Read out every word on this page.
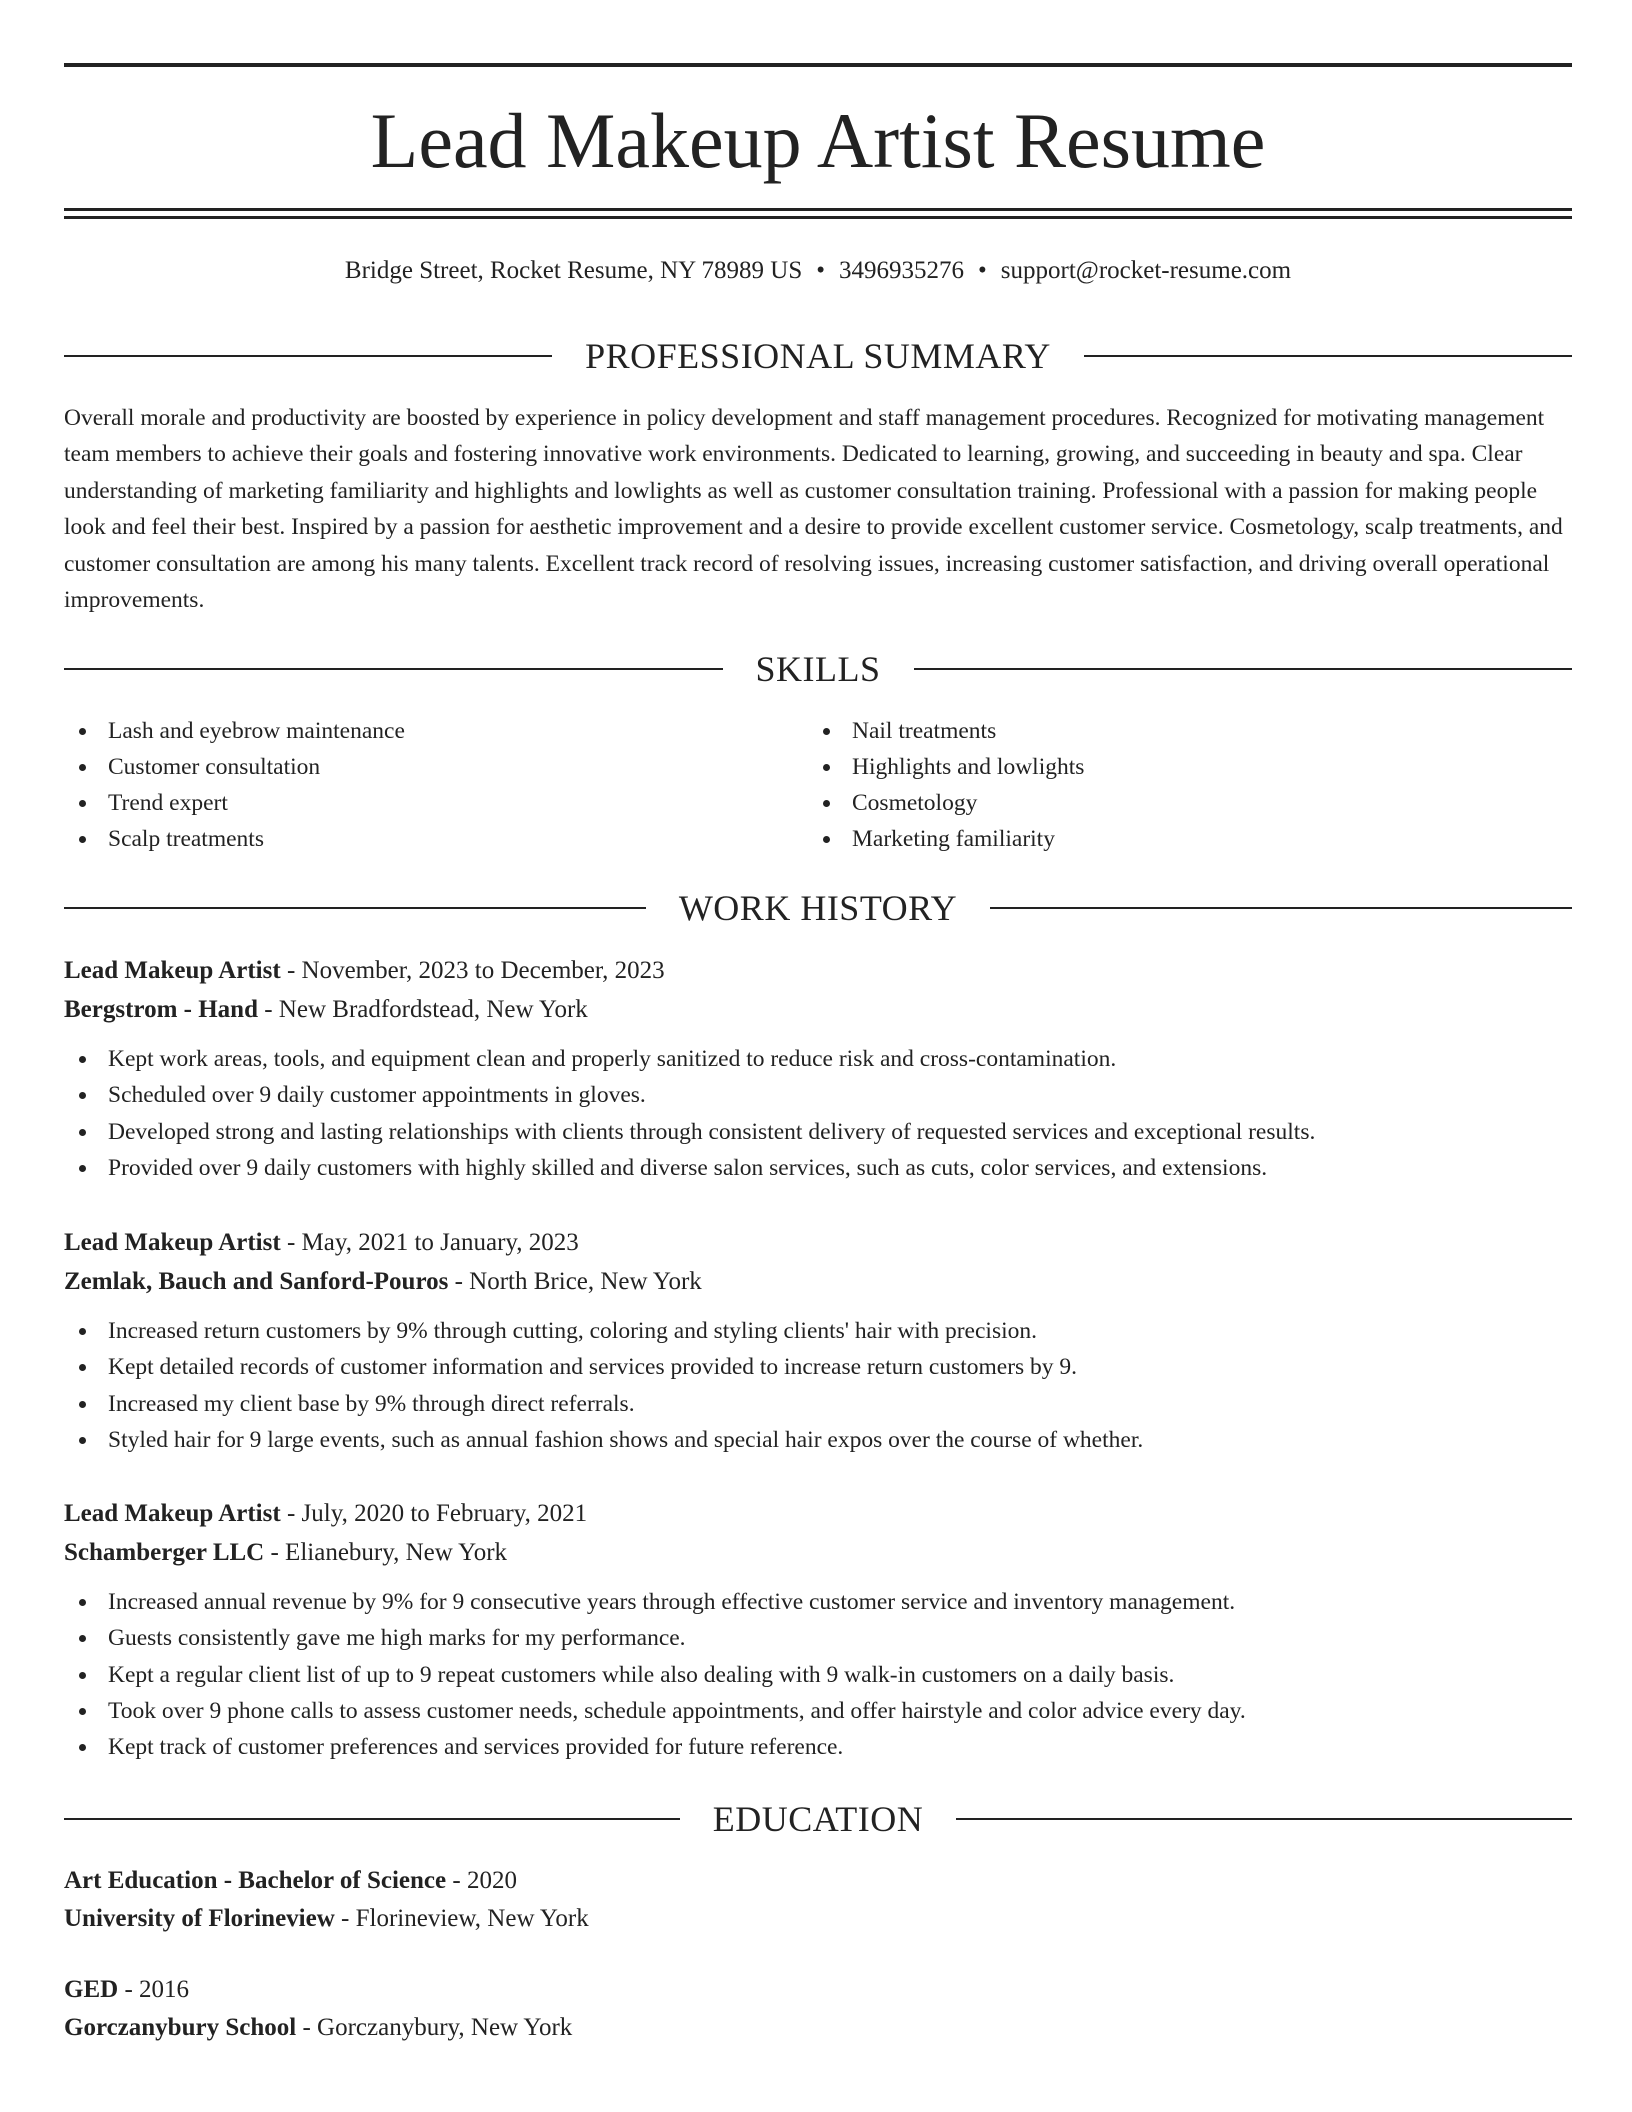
Lead Makeup Artist Resume
Bridge Street, Rocket Resume, NY 78989 US • 3496935276 • support@rocket-resume.com
PROFESSIONAL SUMMARY

Overall morale and productivity are boosted by experience in policy development and staff management procedures. Recognized for motivating management team members to achieve their goals and fostering innovative work environments. Dedicated to learning, growing, and succeeding in beauty and spa. Clear understanding of marketing familiarity and highlights and lowlights as well as customer consultation training. Professional with a passion for making people look and feel their best. Inspired by a passion for aesthetic improvement and a desire to provide excellent customer service. Cosmetology, scalp treatments, and customer consultation are among his many talents. Excellent track record of resolving issues, increasing customer satisfaction, and driving overall operational improvements.

SKILLS
Lash and eyebrow maintenance
Customer consultation
Trend expert
Scalp treatments
Nail treatments
Highlights and lowlights
Cosmetology
Marketing familiarity
WORK HISTORY
Lead Makeup Artist - November, 2023 to December, 2023
Bergstrom - Hand - New Bradfordstead, New York
Kept work areas, tools, and equipment clean and properly sanitized to reduce risk and cross-contamination.
Scheduled over 9 daily customer appointments in gloves.
Developed strong and lasting relationships with clients through consistent delivery of requested services and exceptional results.
Provided over 9 daily customers with highly skilled and diverse salon services, such as cuts, color services, and extensions.
Lead Makeup Artist - May, 2021 to January, 2023
Zemlak, Bauch and Sanford-Pouros - North Brice, New York
Increased return customers by 9% through cutting, coloring and styling clients' hair with precision.
Kept detailed records of customer information and services provided to increase return customers by 9.
Increased my client base by 9% through direct referrals.
Styled hair for 9 large events, such as annual fashion shows and special hair expos over the course of whether.
Lead Makeup Artist - July, 2020 to February, 2021
Schamberger LLC - Elianebury, New York
Increased annual revenue by 9% for 9 consecutive years through effective customer service and inventory management.
Guests consistently gave me high marks for my performance.
Kept a regular client list of up to 9 repeat customers while also dealing with 9 walk-in customers on a daily basis.
Took over 9 phone calls to assess customer needs, schedule appointments, and offer hairstyle and color advice every day.
Kept track of customer preferences and services provided for future reference.
EDUCATION
Art Education - Bachelor of Science - 2020
University of Florineview - Florineview, New York
GED - 2016
Gorczanybury School - Gorczanybury, New York
